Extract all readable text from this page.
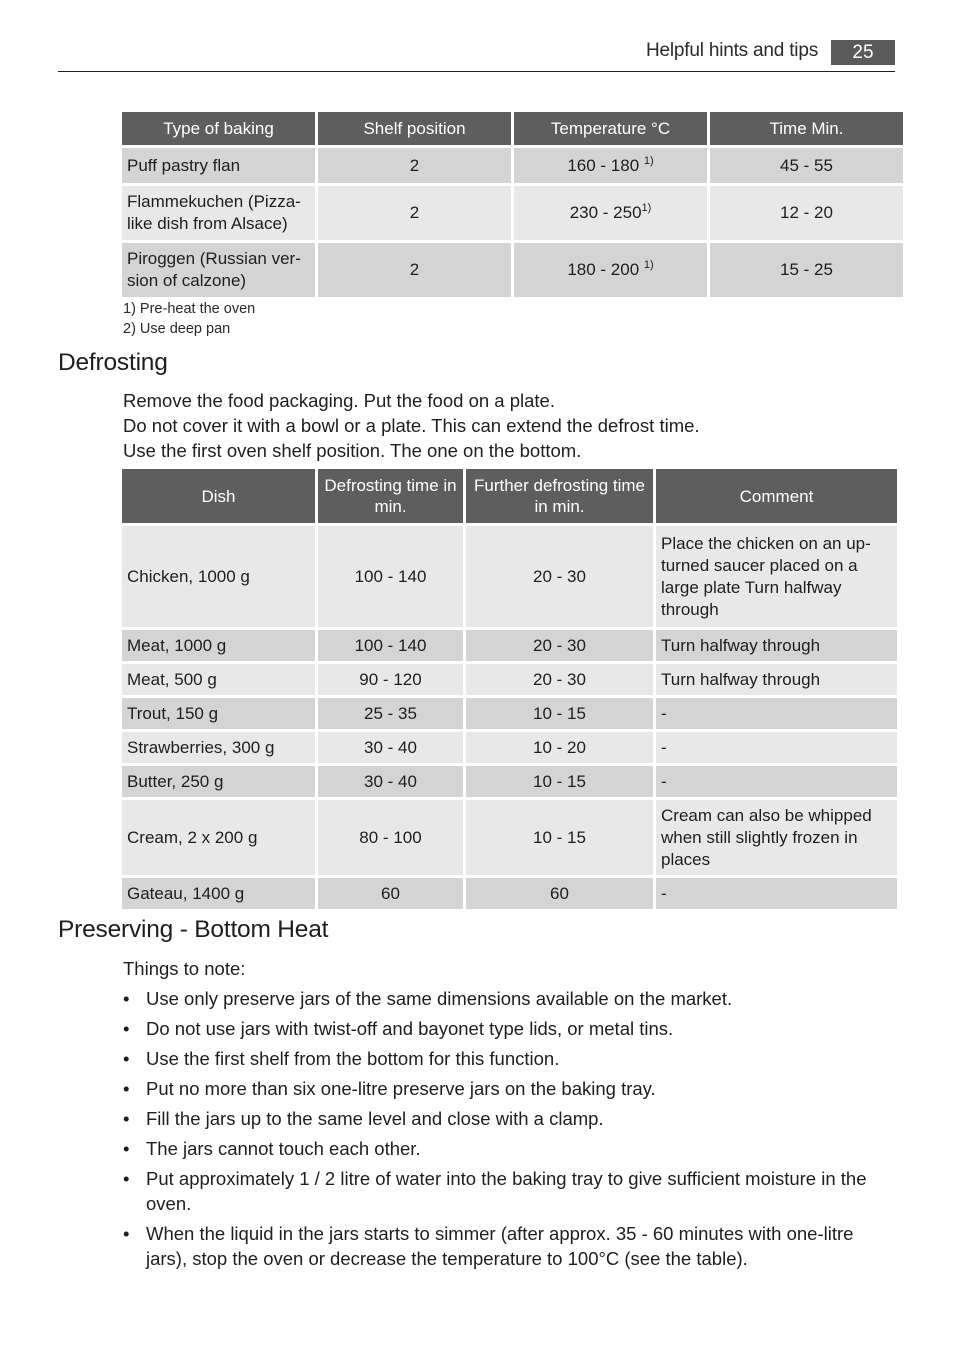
Helpful hints and tips	25
Type of baking	Shelf position	Temperature °C	Time Min.
Puff pastry flan	2	160 - 180 $^{1)}$	45 - 55
Flammekuchen (Pizza-
like dish from Alsace)	2	230 - 250$^{1)}$	12 - 20
Piroggen (Russian ver-
sion of calzone)	2	180 - 200 $^{1)}$	15 - 25
1) Pre-heat the oven
2) Use deep pan
Defrosting
Remove the food packaging. Put the food on a plate.
Do not cover it with a bowl or a plate. This can extend the defrost time.
Use the first oven shelf position. The one on the bottom.
Dish	Defrosting time in min.	Further defrosting time in min.	Comment
Chicken, 1000 g	100 - 140	20 - 30	Place the chicken on an up-turned saucer placed on a large plate Turn halfway through
Meat, 1000 g	100 - 140	20 - 30	Turn halfway through
Meat, 500 g	90 - 120	20 - 30	Turn halfway through
Trout, 150 g	25 - 35	10 - 15	-
Strawberries, 300 g	30 - 40	10 - 20	-
Butter, 250 g	30 - 40	10 - 15	-
Cream, 2 x 200 g	80 - 100	10 - 15	Cream can also be whipped when still slightly frozen in places
Gateau, 1400 g	60	60	-
Preserving - Bottom Heat
Things to note:
• Use only preserve jars of the same dimensions available on the market.
• Do not use jars with twist-off and bayonet type lids, or metal tins.
• Use the first shelf from the bottom for this function.
• Put no more than six one-litre preserve jars on the baking tray.
• Fill the jars up to the same level and close with a clamp.
• The jars cannot touch each other.
• Put approximately 1 / 2 litre of water into the baking tray to give sufficient moisture in the oven.
• When the liquid in the jars starts to simmer (after approx. 35 - 60 minutes with one-litre jars), stop the oven or decrease the temperature to 100°C (see the table).
